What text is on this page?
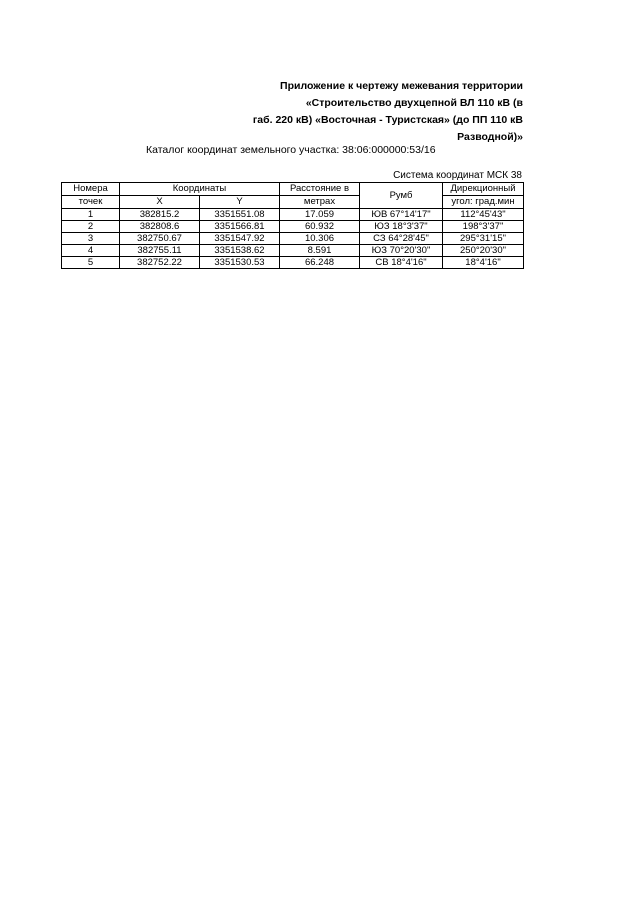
Приложение к чертежу межевания территории
«Строительство двухцепной ВЛ 110 кВ (в
габ. 220 кВ) «Восточная - Туристская» (до ПП 110 кВ
Разводной)»
Каталог координат земельного участка: 38:06:000000:53/16
Система координат МСК 38
Номера	Координаты		Расстояние в	Румб	Дирекционный
точек	X	Y	метрах		угол: град.мин
1	382815.2	3351551.08	17.059	ЮВ 67°14'17"	112°45'43"
2	382808.6	3351566.81	60.932	ЮЗ 18°3'37"	198°3'37"
3	382750.67	3351547.92	10.306	СЗ 64°28'45"	295°31'15"
4	382755.11	3351538.62	8.591	ЮЗ 70°20'30"	250°20'30"
5	382752.22	3351530.53	66.248	СВ 18°4'16"	18°4'16"
